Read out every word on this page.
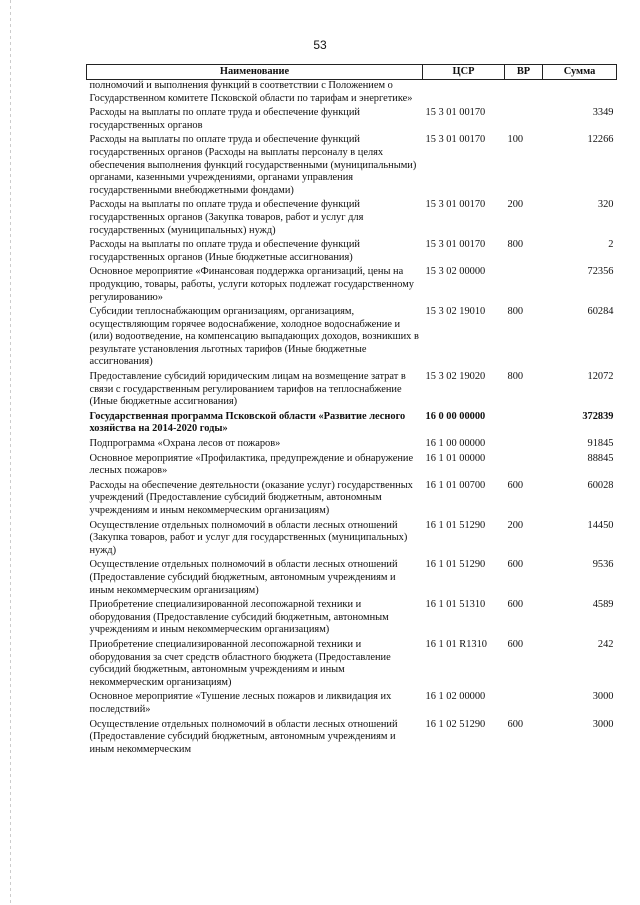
53
Наименование	ЦСР	ВР	Сумма
полномочий и выполнения функций в соответствии с Положением о Государственном комитете Псковской области по тарифам и энергетике»			
Расходы на выплаты по оплате труда и обеспечение функций государственных органов	15 3 01 00170		3349
Расходы на выплаты по оплате труда и обеспечение функций государственных органов (Расходы на выплаты персоналу в целях обеспечения выполнения функций государственными (муниципальными) органами, казенными учреждениями, органами управления государственными внебюджетными фондами)	15 3 01 00170	100	12266
Расходы на выплаты по оплате труда и обеспечение функций государственных органов (Закупка товаров, работ и услуг для государственных (муниципальных) нужд)	15 3 01 00170	200	320
Расходы на выплаты по оплате труда и обеспечение функций государственных органов (Иные бюджетные ассигнования)	15 3 01 00170	800	2
Основное мероприятие «Финансовая поддержка организаций, цены на продукцию, товары, работы, услуги которых подлежат государственному регулированию»	15 3 02 00000		72356
Субсидии теплоснабжающим организациям, организациям, осуществляющим горячее водоснабжение, холодное водоснабжение и (или) водоотведение, на компенсацию выпадающих доходов, возникших в результате установления льготных тарифов (Иные бюджетные ассигнования)	15 3 02 19010	800	60284
Предоставление субсидий юридическим лицам на возмещение затрат в связи с государственным регулированием тарифов на теплоснабжение (Иные бюджетные ассигнования)	15 3 02 19020	800	12072
Государственная программа Псковской области «Развитие лесного хозяйства на 2014-2020 годы»	16 0 00 00000		372839
Подпрограмма «Охрана лесов от пожаров»	16 1 00 00000		91845
Основное мероприятие «Профилактика, предупреждение и обнаружение лесных пожаров»	16 1 01 00000		88845
Расходы на обеспечение деятельности (оказание услуг) государственных учреждений (Предоставление субсидий бюджетным, автономным учреждениям и иным некоммерческим организациям)	16 1 01 00700	600	60028
Осуществление отдельных полномочий в области лесных отношений (Закупка товаров, работ и услуг для государственных (муниципальных) нужд)	16 1 01 51290	200	14450
Осуществление отдельных полномочий в области лесных отношений (Предоставление субсидий бюджетным, автономным учреждениям и иным некоммерческим организациям)	16 1 01 51290	600	9536
Приобретение специализированной лесопожарной техники и оборудования (Предоставление субсидий бюджетным, автономным учреждениям и иным некоммерческим организациям)	16 1 01 51310	600	4589
Приобретение специализированной лесопожарной техники и оборудования за счет средств областного бюджета (Предоставление субсидий бюджетным, автономным учреждениям и иным некоммерческим организациям)	16 1 01 R1310	600	242
Основное мероприятие «Тушение лесных пожаров и ликвидация их последствий»	16 1 02 00000		3000
Осуществление отдельных полномочий в области лесных отношений (Предоставление субсидий бюджетным, автономным учреждениям и иным некоммерческим	16 1 02 51290	600	3000
